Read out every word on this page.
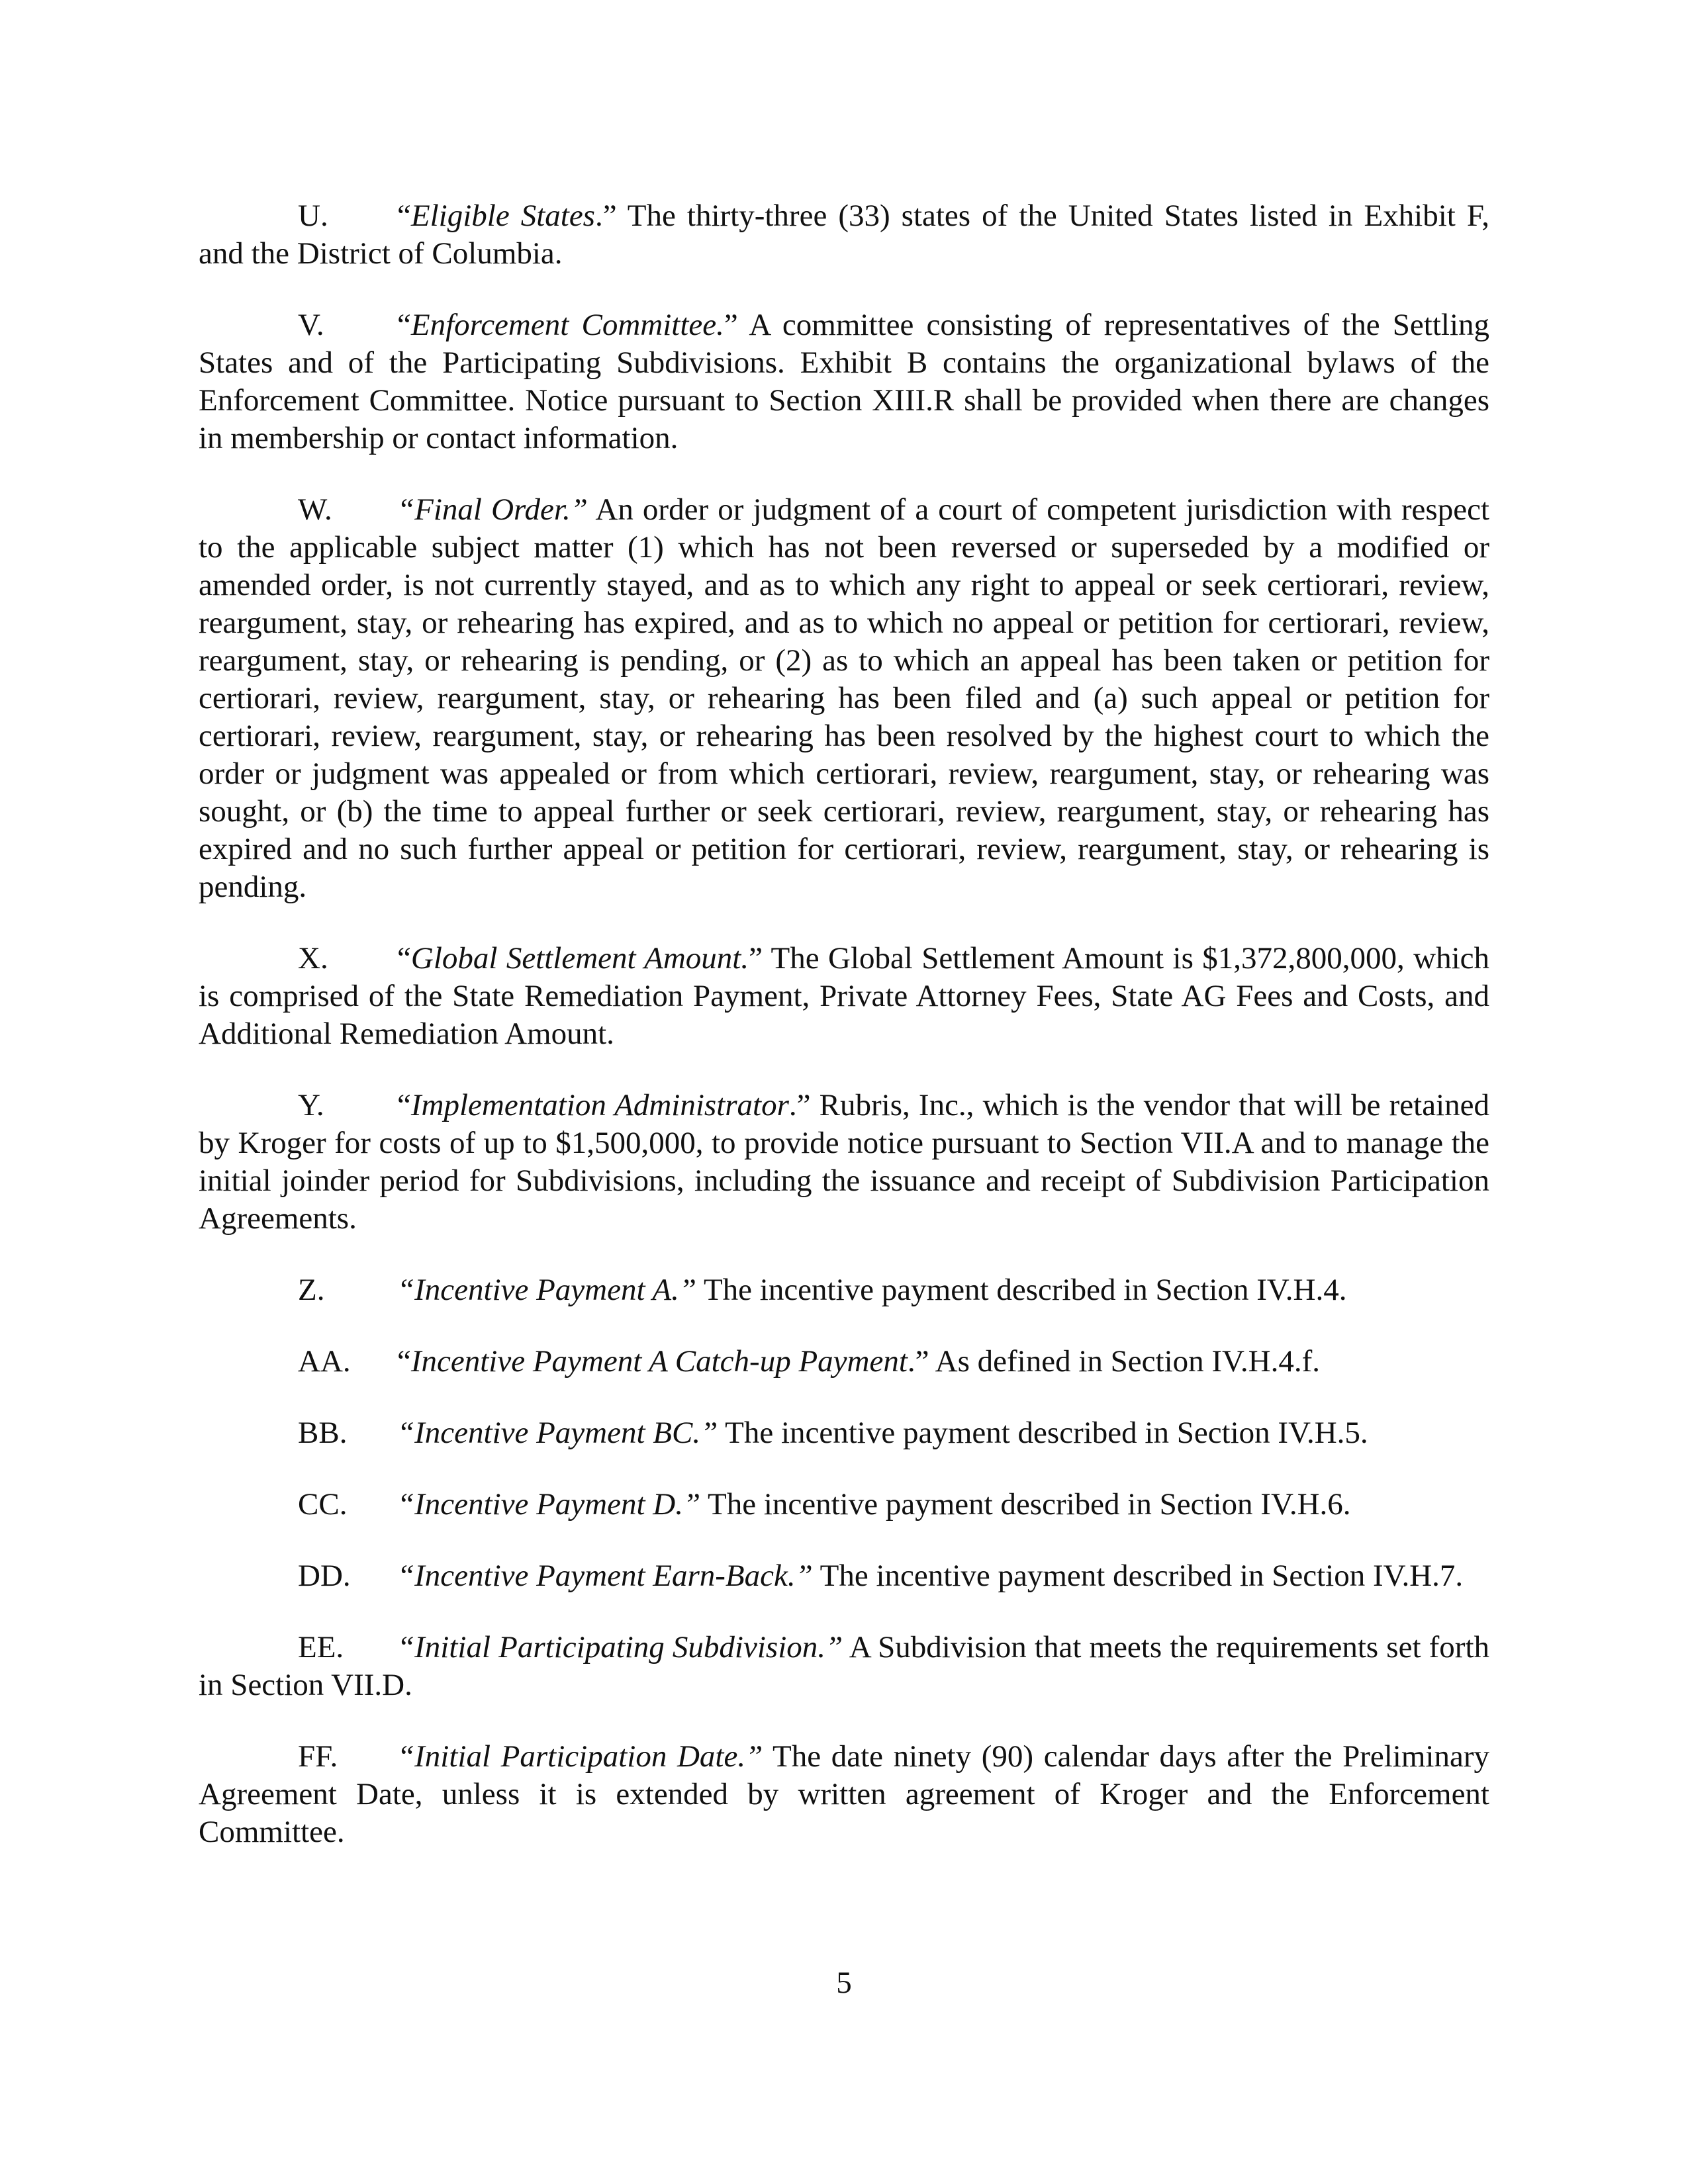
U. “Eligible States.” The thirty-three (33) states of the United States listed in Exhibit F, and the District of Columbia.

V. “Enforcement Committee.” A committee consisting of representatives of the Settling States and of the Participating Subdivisions. Exhibit B contains the organizational bylaws of the Enforcement Committee. Notice pursuant to Section XIII.R shall be provided when there are changes in membership or contact information.

W. “Final Order.” An order or judgment of a court of competent jurisdiction with respect to the applicable subject matter (1) which has not been reversed or superseded by a modified or amended order, is not currently stayed, and as to which any right to appeal or seek certiorari, review, reargument, stay, or rehearing has expired, and as to which no appeal or petition for certiorari, review, reargument, stay, or rehearing is pending, or (2) as to which an appeal has been taken or petition for certiorari, review, reargument, stay, or rehearing has been filed and (a) such appeal or petition for certiorari, review, reargument, stay, or rehearing has been resolved by the highest court to which the order or judgment was appealed or from which certiorari, review, reargument, stay, or rehearing was sought, or (b) the time to appeal further or seek certiorari, review, reargument, stay, or rehearing has expired and no such further appeal or petition for certiorari, review, reargument, stay, or rehearing is pending.

X. “Global Settlement Amount.” The Global Settlement Amount is $1,372,800,000, which is comprised of the State Remediation Payment, Private Attorney Fees, State AG Fees and Costs, and Additional Remediation Amount.

Y. “Implementation Administrator.” Rubris, Inc., which is the vendor that will be retained by Kroger for costs of up to $1,500,000, to provide notice pursuant to Section VII.A and to manage the initial joinder period for Subdivisions, including the issuance and receipt of Subdivision Participation Agreements.

Z. “Incentive Payment A.” The incentive payment described in Section IV.H.4.

AA. “Incentive Payment A Catch-up Payment.” As defined in Section IV.H.4.f.

BB. “Incentive Payment BC.” The incentive payment described in Section IV.H.5.

CC. “Incentive Payment D.” The incentive payment described in Section IV.H.6.

DD. “Incentive Payment Earn-Back.” The incentive payment described in Section IV.H.7.

EE. “Initial Participating Subdivision.” A Subdivision that meets the requirements set forth in Section VII.D.

FF. “Initial Participation Date.” The date ninety (90) calendar days after the Preliminary Agreement Date, unless it is extended by written agreement of Kroger and the Enforcement Committee.

5
